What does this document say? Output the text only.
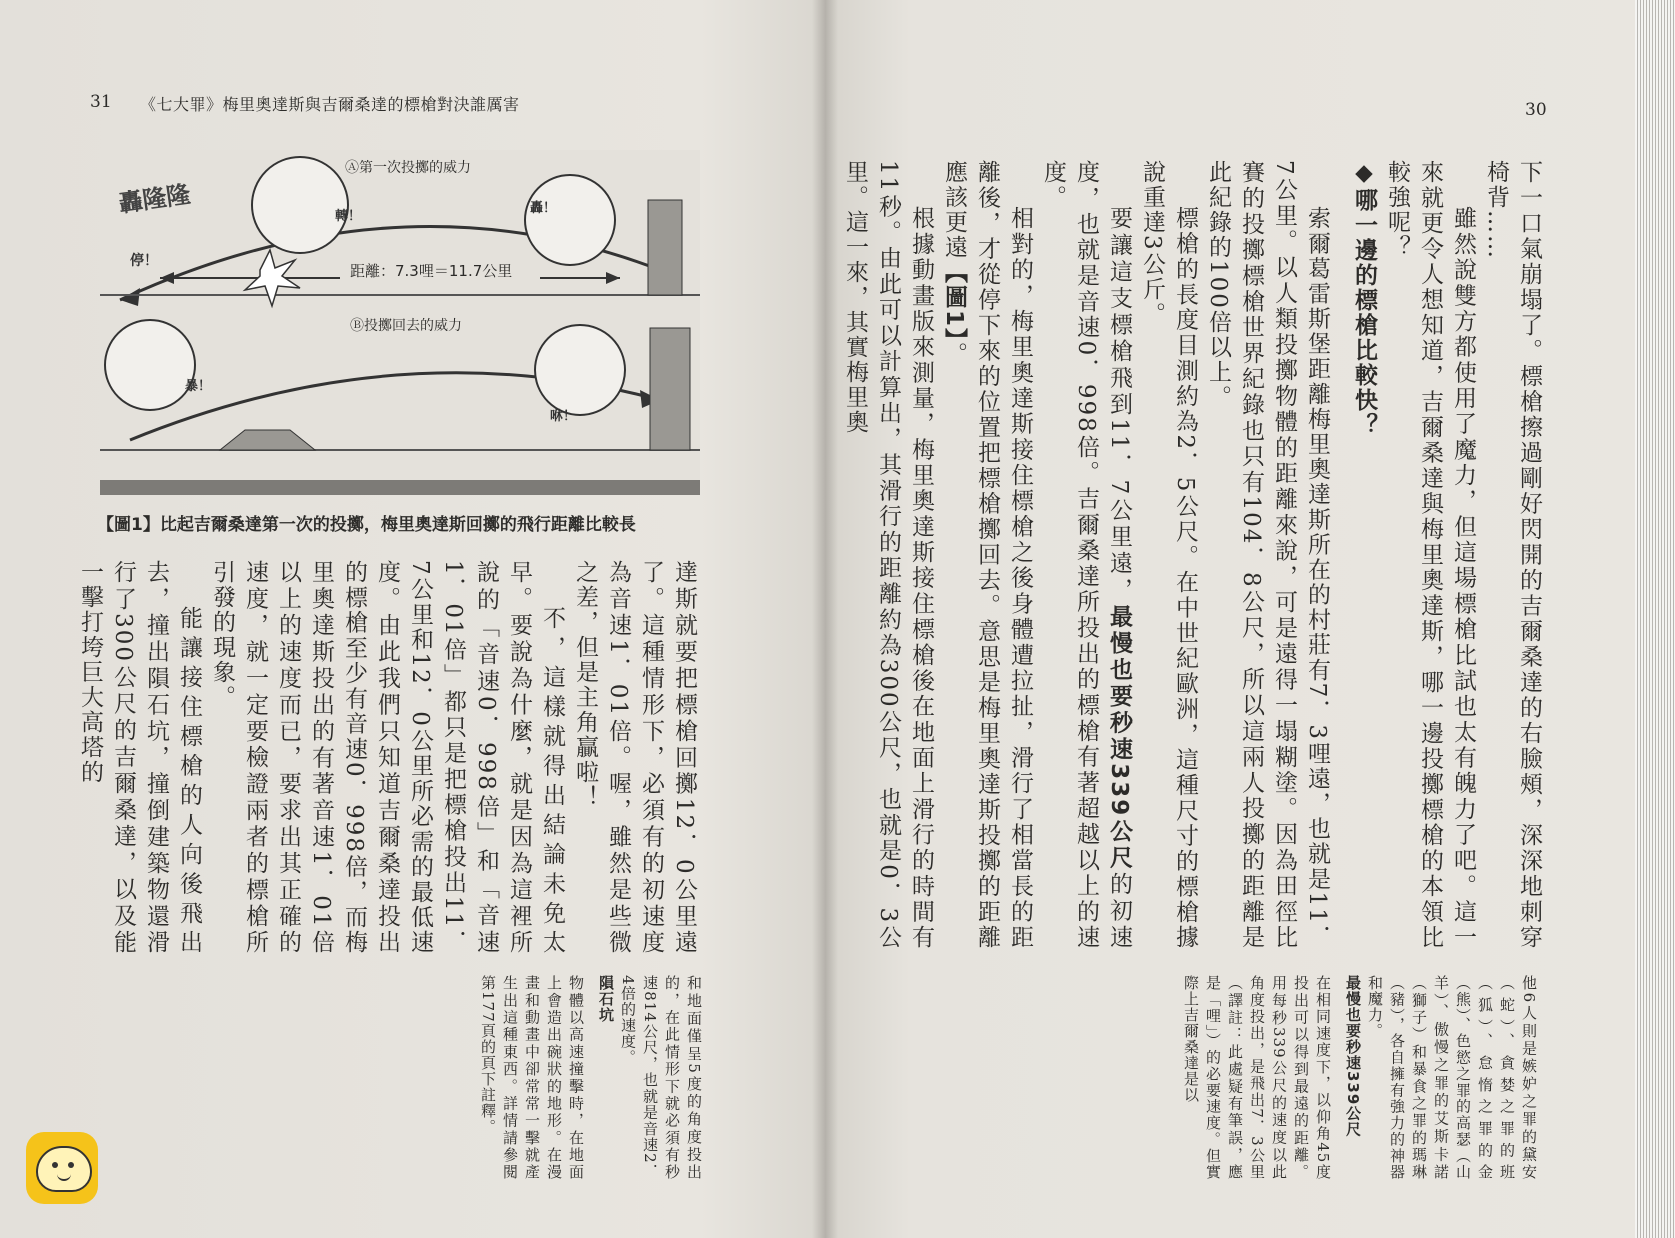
31 《七大罪》梅里奧達斯與吉爾桑達的標槍對決誰厲害
Ⓐ第一次投擲的威力
距離：7.3哩＝11.7公里
Ⓑ投擲回去的威力
轟隆隆
停！
轉！
轟！
咻！
暴！
【圖1】比起吉爾桑達第一次的投擲，梅里奧達斯回擲的飛行距離比較長

達斯就要把標槍回擲12．0公里遠了。這種情形下，必須有的初速度為音速1．01倍。喔，雖然是些微之差，但是主角贏啦！

不，這樣就得出結論未免太早。要說為什麼，就是因為這裡所說的「音速0．998倍」和「音速1．01倍」都只是把標槍投出11．7公里和12．0公里所必需的最低速度。由此我們只知道吉爾桑達投出的標槍至少有音速0．998倍，而梅里奧達斯投出的有著音速1．01倍以上的速度而已，要求出其正確的速度，就一定要檢證兩者的標槍所引發的現象。

能讓接住標槍的人向後飛出去，撞出隕石坑，撞倒建築物還滑行了300公尺的吉爾桑達，以及能一擊打垮巨大高塔的

和地面僅呈5度的角度投出的，在此情形下就必須有秒速814公尺，也就是音速2．4倍的速度。

隕石坑

物體以高速撞擊時，在地面上會造出碗狀的地形。在漫畫和動畫中卻常常一擊就產生出這種東西。詳情請參閱第177頁的頁下註釋。

30

下一口氣崩塌了。標槍擦過剛好閃開的吉爾桑達的右臉頰，深深地刺穿椅背……

雖然說雙方都使用了魔力，但這場標槍比試也太有魄力了吧。這一來就更令人想知道，吉爾桑達與梅里奧達斯，哪一邊投擲標槍的本領比較強呢？

◆哪一邊的標槍比較快？

索爾葛雷斯堡距離梅里奧達斯所在的村莊有7．3哩遠，也就是11．7公里。以人類投擲物體的距離來說，可是遠得一塌糊塗。因為田徑比賽的投擲標槍世界紀錄也只有104．8公尺，所以這兩人投擲的距離是此紀錄的100倍以上。

標槍的長度目測約為2．5公尺。在中世紀歐洲，這種尺寸的標槍據說重達3公斤。

要讓這支標槍飛到11．7公里遠，最慢也要秒速339公尺的初速度，也就是音速0．998倍。吉爾桑達所投出的標槍有著超越以上的速度。

相對的，梅里奧達斯接住標槍之後身體遭拉扯，滑行了相當長的距離後，才從停下來的位置把標槍擲回去。意思是梅里奧達斯投擲的距離應該更遠【圖1】。

根據動畫版來測量，梅里奧達斯接住標槍後在地面上滑行的時間有11秒。由此可以計算出，其滑行的距離約為300公尺，也就是0．3公里。這一來，其實梅里奧

他6人則是嫉妒之罪的黛安（蛇）、貪婪之罪的班（狐）、怠惰之罪的金（熊）、色慾之罪的高瑟（山羊）、傲慢之罪的艾斯卡諾（獅子）和暴食之罪的瑪琳（豬），各自擁有強力的神器和魔力。

最慢也要秒速339公尺

在相同速度下，以仰角45度投出可以得到最遠的距離。用每秒339公尺的速度以此角度投出，是飛出7．3公里（譯註：此處疑有筆誤，應是「哩」）的必要速度。但實際上吉爾桑達是以
